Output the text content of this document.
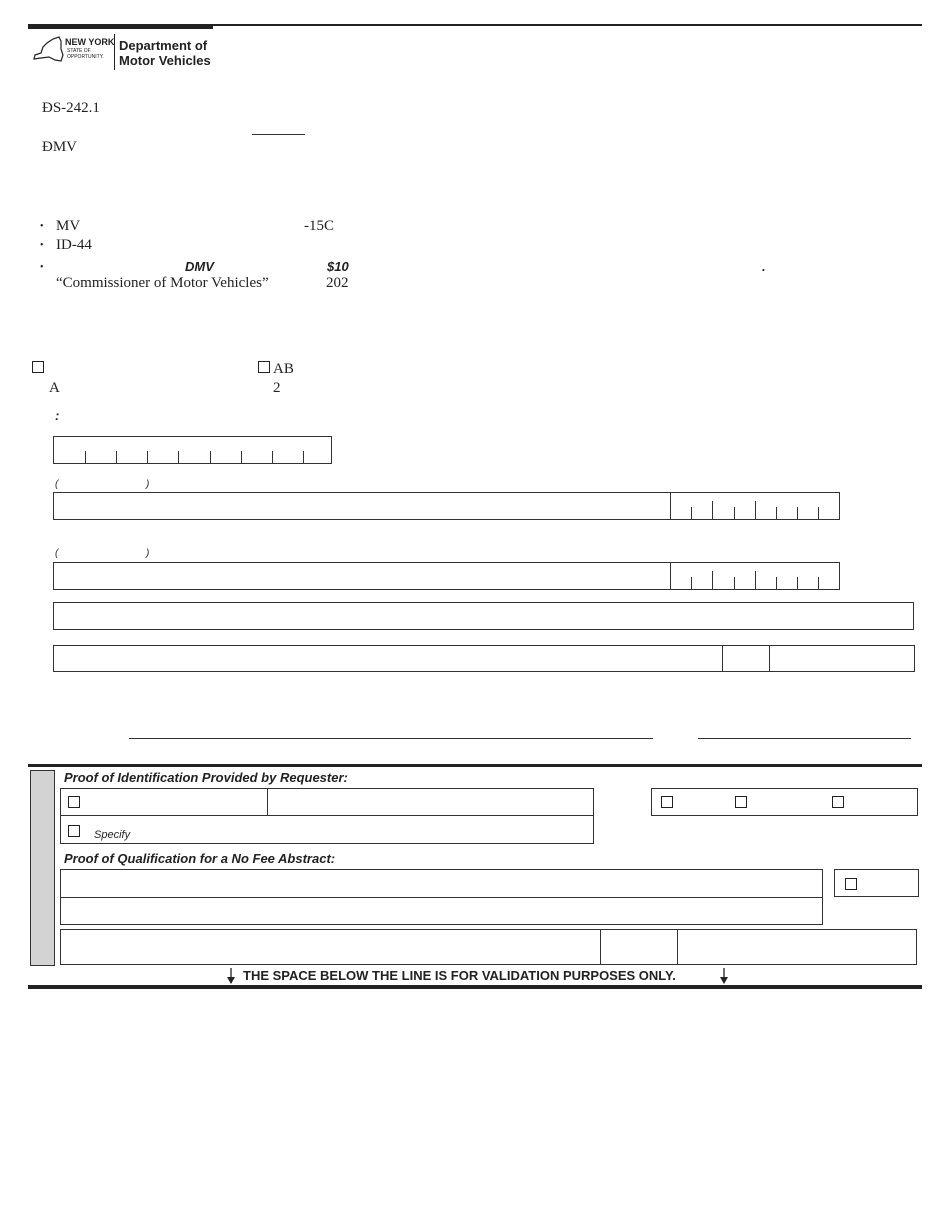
NEW YORK
STATE OF
OPPORTUNITY.
Department of
Motor Vehicles
ĐS-242.1
ĐMV
• MV	-15C
• ID-44
•	DMV	$10	.
“Commissioner of Motor Vehicles”	202
A
AB
2
:
(	)
(	)
Proof of Identification Provided by Requester:
Specify
Proof of Qualification for a No Fee Abstract:
THE SPACE BELOW THE LINE IS FOR VALIDATION PURPOSES ONLY.
